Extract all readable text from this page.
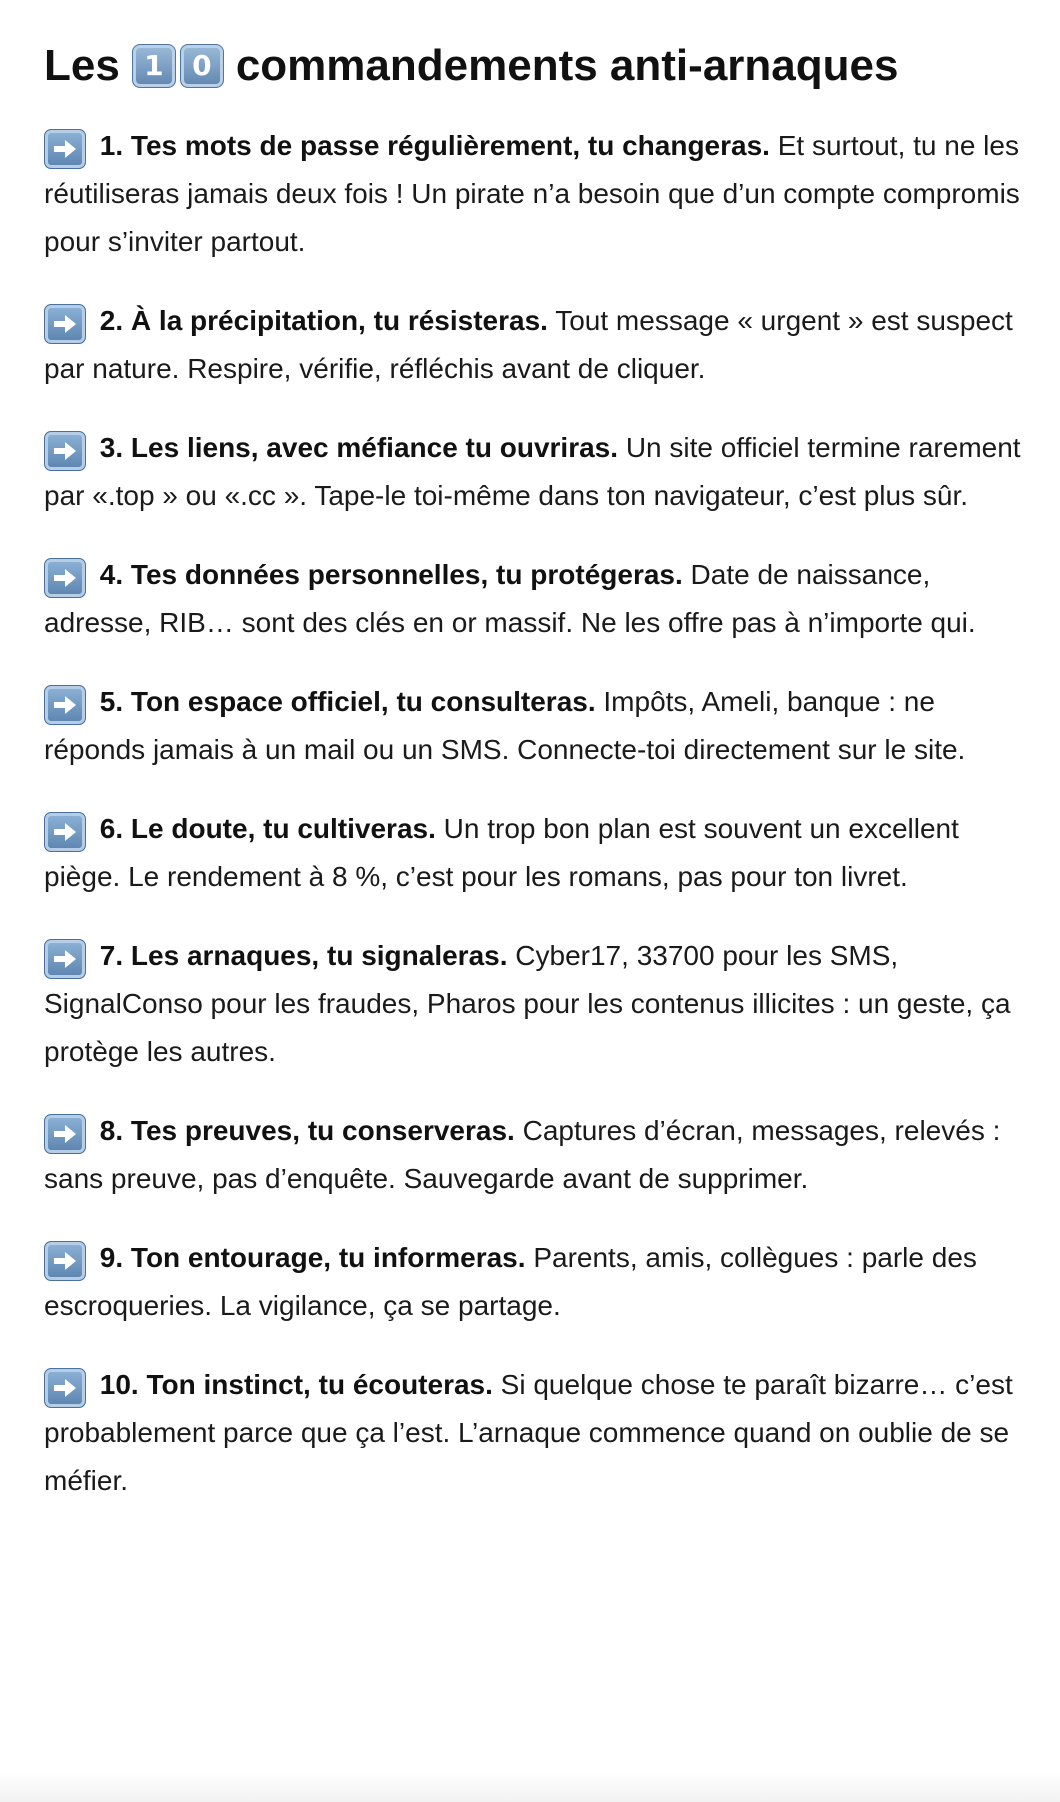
Les 1	0 commandements anti-arnaques

1. Tes mots de passe régulièrement, tu changeras. Et surtout, tu ne les réutiliseras jamais deux fois ! Un pirate n’a besoin que d’un compte compromis pour s’inviter partout.

2. À la précipitation, tu résisteras. Tout message « urgent » est suspect par nature. Respire, vérifie, réfléchis avant de cliquer.

3. Les liens, avec méfiance tu ouvriras. Un site officiel termine rarement par «.top » ou «.cc ». Tape-le toi-même dans ton navigateur, c’est plus sûr.

4. Tes données personnelles, tu protégeras. Date de naissance, adresse, RIB… sont des clés en or massif. Ne les offre pas à n’importe qui.

5. Ton espace officiel, tu consulteras. Impôts, Ameli, banque : ne réponds jamais à un mail ou un SMS. Connecte-toi directement sur le site.

6. Le doute, tu cultiveras. Un trop bon plan est souvent un excellent piège. Le rendement à 8 %, c’est pour les romans, pas pour ton livret.

7. Les arnaques, tu signaleras. Cyber17, 33700 pour les SMS, SignalConso pour les fraudes, Pharos pour les contenus illicites : un geste, ça protège les autres.

8. Tes preuves, tu conserveras. Captures d’écran, messages, relevés : sans preuve, pas d’enquête. Sauvegarde avant de supprimer.

9. Ton entourage, tu informeras. Parents, amis, collègues : parle des escroqueries. La vigilance, ça se partage.

10. Ton instinct, tu écouteras. Si quelque chose te paraît bizarre… c’est probablement parce que ça l’est. L’arnaque commence quand on oublie de se méfier.
